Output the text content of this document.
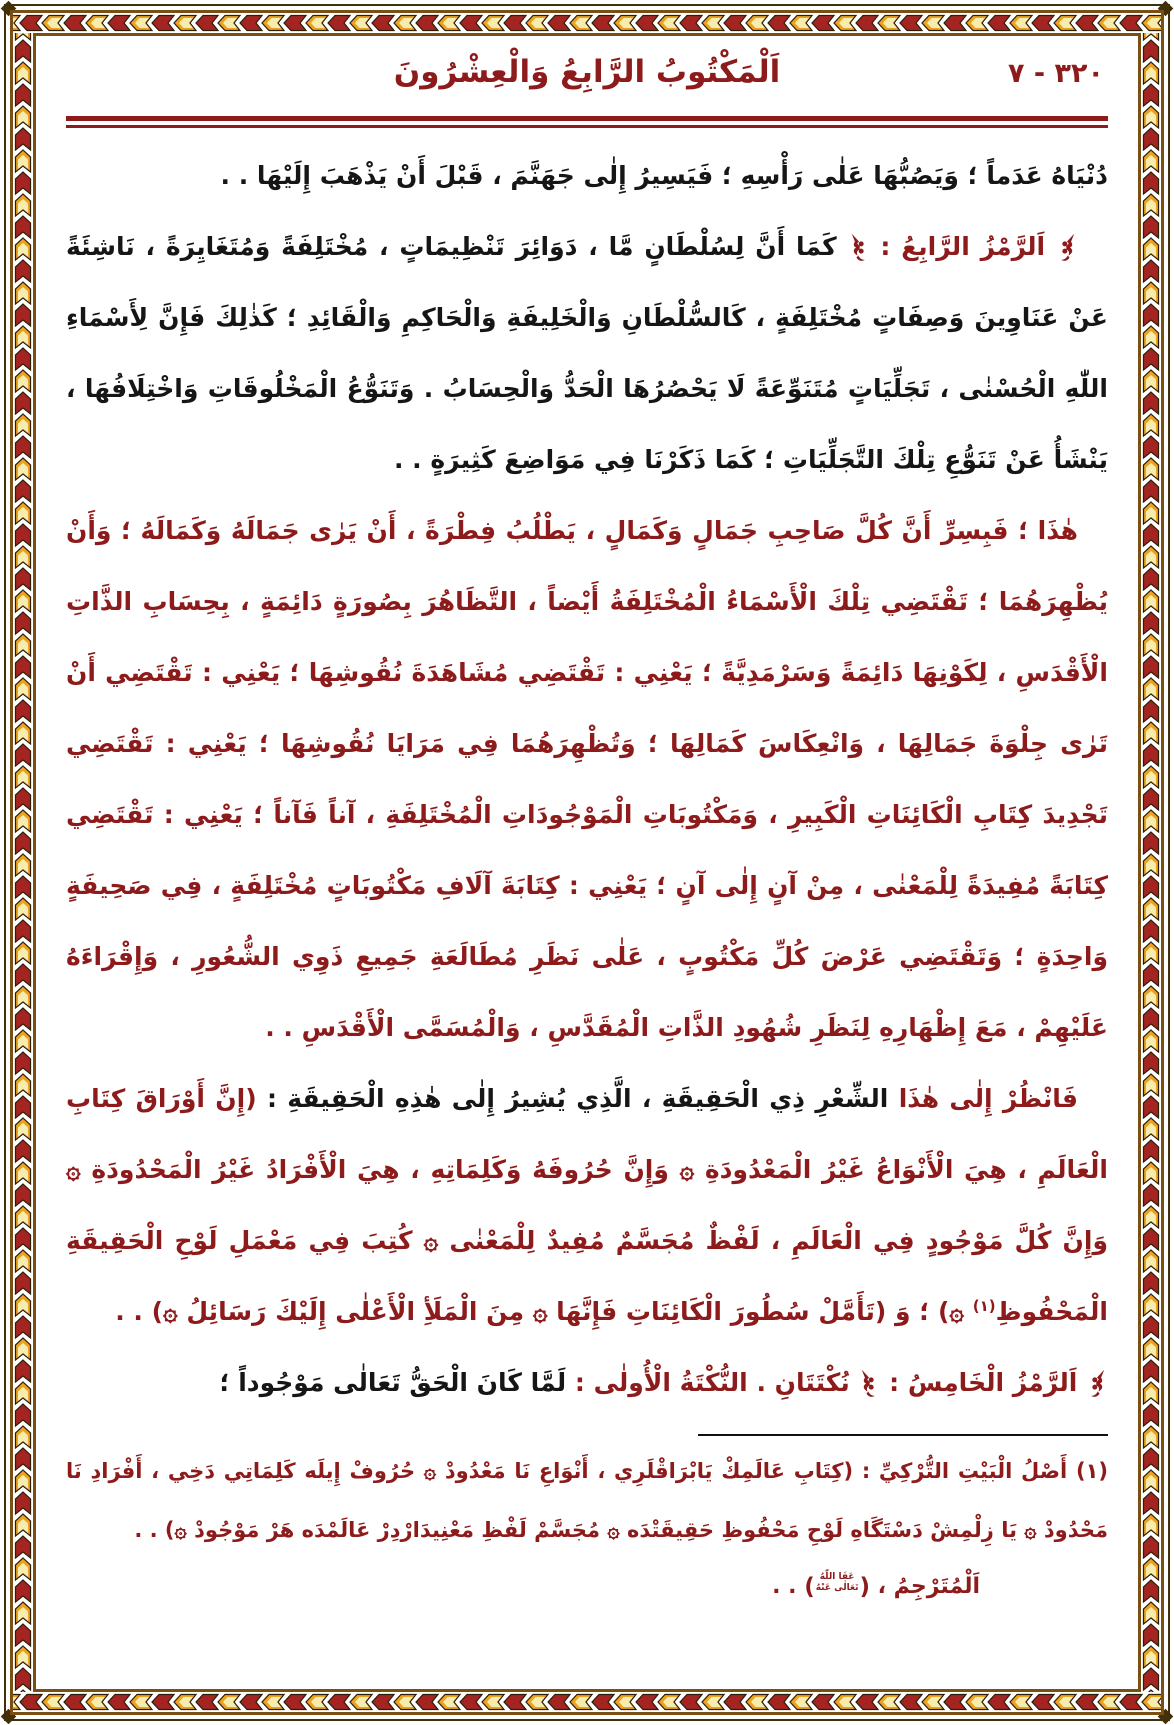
اَلْمَكْتُوبُ الرَّابِعُ وَالْعِشْرُونَ	٣٢٠ - ٧

دُنْيَاهُ عَدَماً ؛ وَيَصُبُّهَا عَلٰى رَأْسِهِ ؛ فَيَسِيرُ إِلٰى جَهَنَّمَ ، قَبْلَ أَنْ يَذْهَبَ إِلَيْهَا . .

اَلرَّمْزُ الرَّابِعُ :  كَمَا أَنَّ لِسُلْطَانٍ مَّا ، دَوَائِرَ تَنْظِيمَاتٍ ، مُخْتَلِفَةً وَمُتَغَايِرَةً ، نَاشِئَةً عَنْ عَنَاوِينَ وَصِفَاتٍ مُخْتَلِفَةٍ ، كَالسُّلْطَانِ وَالْخَلِيفَةِ وَالْحَاكِمِ وَالْقَائِدِ ؛ كَذٰلِكَ فَإِنَّ لِأَسْمَاءِ اللّٰهِ الْحُسْنٰى ، تَجَلِّيَاتٍ مُتَنَوِّعَةً لَا يَحْصُرُهَا الْحَدُّ وَالْحِسَابُ . وَتَنَوُّعُ الْمَخْلُوقَاتِ وَاخْتِلَافُهَا ، يَنْشَأُ عَنْ تَنَوُّعِ تِلْكَ التَّجَلِّيَاتِ ؛ كَمَا ذَكَرْنَا فِي مَوَاضِعَ كَثِيرَةٍ . .

هٰذَا ؛ فَبِسِرِّ أَنَّ كُلَّ صَاحِبِ جَمَالٍ وَكَمَالٍ ، يَطْلُبُ فِطْرَةً ، أَنْ يَرٰى جَمَالَهُ وَكَمَالَهُ ؛ وَأَنْ يُظْهِرَهُمَا ؛ تَقْتَضِي تِلْكَ الْأَسْمَاءُ الْمُخْتَلِفَةُ أَيْضاً ، التَّظَاهُرَ بِصُورَةٍ دَائِمَةٍ ، بِحِسَابِ الذَّاتِ الْأَقْدَسِ ، لِكَوْنِهَا دَائِمَةً وَسَرْمَدِيَّةً ؛ يَعْنِي : تَقْتَضِي مُشَاهَدَةَ نُقُوشِهَا ؛ يَعْنِي : تَقْتَضِي أَنْ تَرٰى جِلْوَةَ جَمَالِهَا ، وَانْعِكَاسَ كَمَالِهَا ؛ وَتُظْهِرَهُمَا فِي مَرَايَا نُقُوشِهَا ؛ يَعْنِي : تَقْتَضِي تَجْدِيدَ كِتَابِ الْكَائِنَاتِ الْكَبِيرِ ، وَمَكْتُوبَاتِ الْمَوْجُودَاتِ الْمُخْتَلِفَةِ ، آناً فَآناً ؛ يَعْنِي : تَقْتَضِي كِتَابَةً مُفِيدَةً لِلْمَعْنٰى ، مِنْ آنٍ إِلٰى آنٍ ؛ يَعْنِي : كِتَابَةَ آلَافِ مَكْتُوبَاتٍ مُخْتَلِفَةٍ ، فِي صَحِيفَةٍ وَاحِدَةٍ ؛ وَتَقْتَضِي عَرْضَ كُلِّ مَكْتُوبٍ ، عَلٰى نَظَرِ مُطَالَعَةِ جَمِيعِ ذَوِي الشُّعُورِ ، وَإِقْرَاءَهُ عَلَيْهِمْ ، مَعَ إِظْهَارِهِ لِنَظَرِ شُهُودِ الذَّاتِ الْمُقَدَّسِ ، وَالْمُسَمَّى الْأَقْدَسِ . .

فَانْظُرْ إِلٰى هٰذَا الشِّعْرِ ذِي الْحَقِيقَةِ ، الَّذِي يُشِيرُ إِلٰى هٰذِهِ الْحَقِيقَةِ : (إِنَّ أَوْرَاقَ كِتَابِ الْعَالَمِ ، هِيَ الْأَنْوَاعُ غَيْرُ الْمَعْدُودَةِ ۞ وَإِنَّ حُرُوفَهُ وَكَلِمَاتِهِ ، هِيَ الْأَفْرَادُ غَيْرُ الْمَحْدُودَةِ ۞ وَإِنَّ كُلَّ مَوْجُودٍ فِي الْعَالَمِ ، لَفْظٌ مُجَسَّمٌ مُفِيدٌ لِلْمَعْنٰى ۞ كُتِبَ فِي مَعْمَلِ لَوْحِ الْحَقِيقَةِ الْمَحْفُوظِ$^{(١)}$ ۞) ؛ وَ (تَأَمَّلْ سُطُورَ الْكَائِنَاتِ فَإِنَّهَا ۞ مِنَ الْمَلَأِ الْأَعْلٰى إِلَيْكَ رَسَائِلُ ۞) . .

اَلرَّمْزُ الْخَامِسُ :  نُكْتَتَانِ . النُّكْتَةُ الْأُولٰى : لَمَّا كَانَ الْحَقُّ تَعَالٰى مَوْجُوداً ؛

(١) أَصْلُ الْبَيْتِ التُّرْكِيِّ : (كِتَابِ عَالَمِكْ يَابْرَاقْلَرِي ، أَنْوَاعِ نَا مَعْدُودْ ۞ حُرُوفْ إِيلَه كَلِمَاتِي دَخِي ، أَفْرَادِ نَا مَحْدُودْ ۞ يَا زِلْمِشْ دَسْتَگَاهِ لَوْحِ مَحْفُوظِ حَقِيقَتْدَه ۞ مُجَسَّمْ لَفْظِ مَعْنِيدَارْدِرْ عَالَمْدَه هَرْ مَوْجُودْ ۞) . .

اَلْمُتَرْجِمُ ، (عَفَا اللّٰهُ
تَعَالٰى عَنْهُ) . .
